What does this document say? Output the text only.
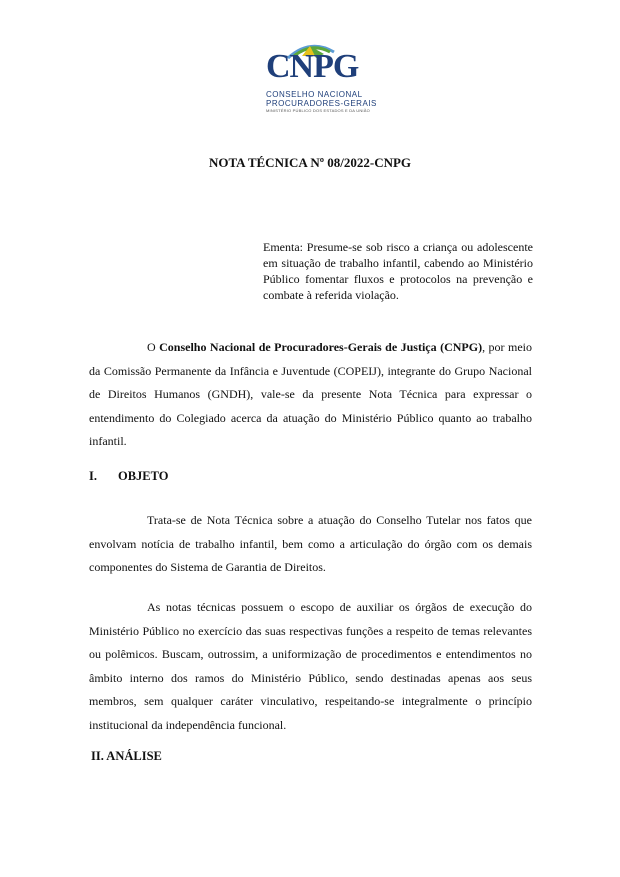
CNPG
CONSELHO NACIONAL
PROCURADORES-GERAIS
MINISTÉRIO PÚBLICO DOS ESTADOS E DA UNIÃO
NOTA TÉCNICA Nº 08/2022-CNPG
Ementa: Presume-se sob risco a criança ou adolescente em situação de trabalho infantil, cabendo ao Ministério Público fomentar fluxos e protocolos na prevenção e combate à referida violação.

O Conselho Nacional de Procuradores-Gerais de Justiça (CNPG), por meio da Comissão Permanente da Infância e Juventude (COPEIJ), integrante do Grupo Nacional de Direitos Humanos (GNDH), vale-se da presente Nota Técnica para expressar o entendimento do Colegiado acerca da atuação do Ministério Público quanto ao trabalho infantil.

I. OBJETO

Trata-se de Nota Técnica sobre a atuação do Conselho Tutelar nos fatos que envolvam notícia de trabalho infantil, bem como a articulação do órgão com os demais componentes do Sistema de Garantia de Direitos.

As notas técnicas possuem o escopo de auxiliar os órgãos de execução do Ministério Público no exercício das suas respectivas funções a respeito de temas relevantes ou polêmicos. Buscam, outrossim, a uniformização de procedimentos e entendimentos no âmbito interno dos ramos do Ministério Público, sendo destinadas apenas aos seus membros, sem qualquer caráter vinculativo, respeitando-se integralmente o princípio institucional da independência funcional.

II. ANÁLISE
